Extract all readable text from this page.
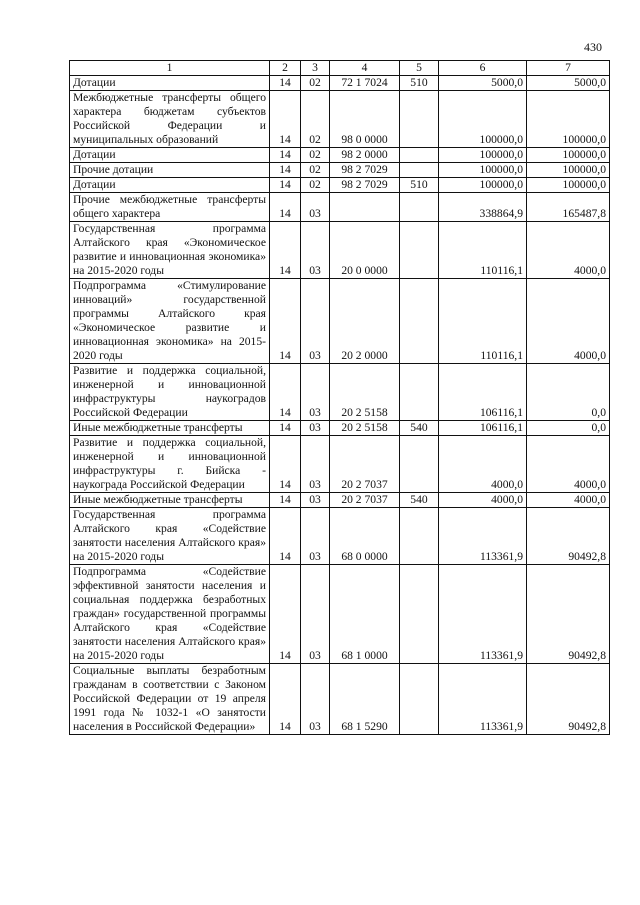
430
1	2	3	4	5	6	7
Дотации	14	02	72 1 7024	510	5000,0	5000,0
Межбюджетные трансферты общего характера бюджетам субъектов Российской Федерации и муниципальных образований	14	02	98 0 0000		100000,0	100000,0
Дотации	14	02	98 2 0000		100000,0	100000,0
Прочие дотации	14	02	98 2 7029		100000,0	100000,0
Дотации	14	02	98 2 7029	510	100000,0	100000,0
Прочие межбюджетные трансферты общего характера	14	03			338864,9	165487,8
Государственная программа Алтайского края «Экономическое развитие и инновационная экономика» на 2015-2020 годы	14	03	20 0 0000		110116,1	4000,0
Подпрограмма «Стимулирование инноваций» государственной программы Алтайского края «Экономическое развитие и инновационная экономика» на 2015-2020 годы	14	03	20 2 0000		110116,1	4000,0
Развитие и поддержка социальной, инженерной и инновационной инфраструктуры наукоградов Российской Федерации	14	03	20 2 5158		106116,1	0,0
Иные межбюджетные трансферты	14	03	20 2 5158	540	106116,1	0,0
Развитие и поддержка социальной, инженерной и инновационной инфраструктуры г. Бийска - наукограда Российской Федерации	14	03	20 2 7037		4000,0	4000,0
Иные межбюджетные трансферты	14	03	20 2 7037	540	4000,0	4000,0
Государственная программа Алтайского края «Содействие занятости населения Алтайского края» на 2015-2020 годы	14	03	68 0 0000		113361,9	90492,8
Подпрограмма «Содействие эффективной занятости населения и социальная поддержка безработных граждан» государственной программы Алтайского края «Содействие занятости населения Алтайского края» на 2015-2020 годы	14	03	68 1 0000		113361,9	90492,8
Социальные выплаты безработным гражданам в соответствии с Законом Российской Федерации от 19 апреля 1991 года № 1032-1 «О занятости населения в Российской Федерации»	14	03	68 1 5290		113361,9	90492,8
